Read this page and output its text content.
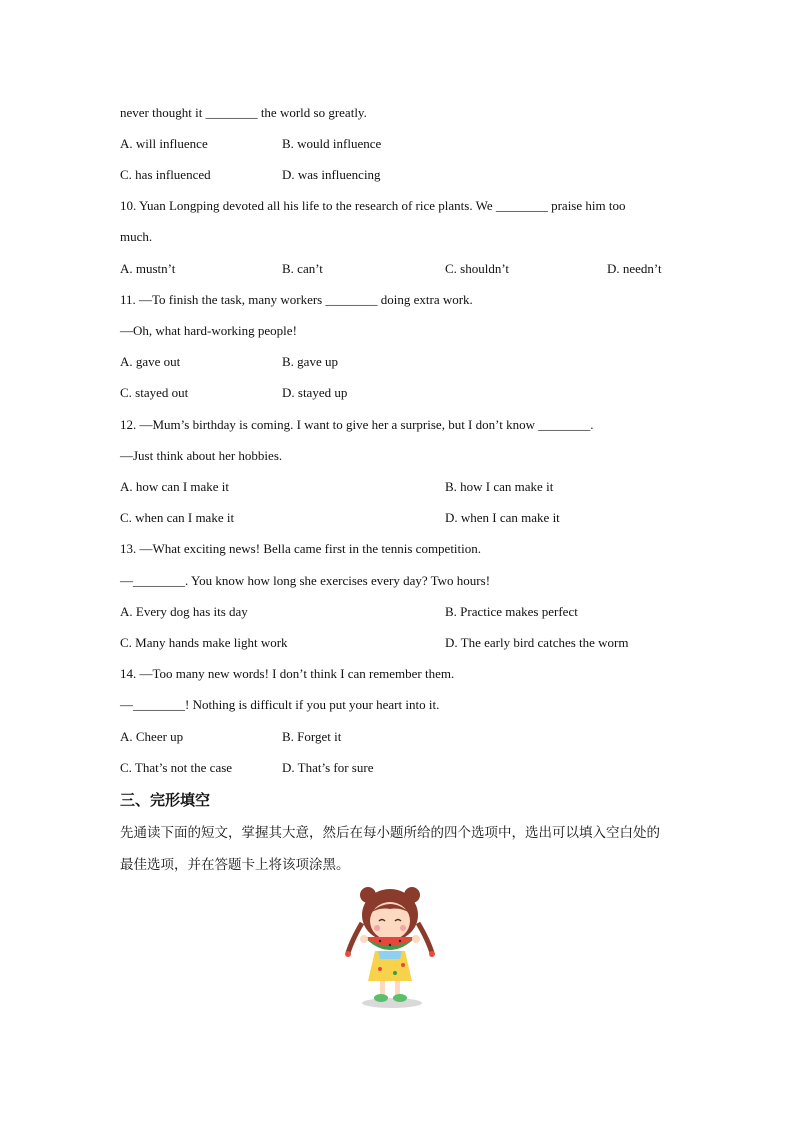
never thought it ________ the world so greatly.
A. will influence	B. would influence
C. has influenced	D. was influencing
10. Yuan Longping devoted all his life to the research of rice plants. We ________ praise him too
much.
A. mustn’t	B. can’t	C. shouldn’t	D. needn’t
11. —To finish the task, many workers ________ doing extra work.
—Oh, what hard-working people!
A. gave out	B. gave up
C. stayed out	D. stayed up
12. —Mum’s birthday is coming. I want to give her a surprise, but I don’t know ________.
—Just think about her hobbies.
A. how can I make it	B. how I can make it
C. when can I make it	D. when I can make it
13. —What exciting news! Bella came first in the tennis competition.
—________. You know how long she exercises every day? Two hours!
A. Every dog has its day	B. Practice makes perfect
C. Many hands make light work	D. The early bird catches the worm
14. —Too many new words! I don’t think I can remember them.
—________! Nothing is difficult if you put your heart into it.
A. Cheer up	B. Forget it
C. That’s not the case	D. That’s for sure
三、完形填空
先通读下面的短文，掌握其大意，然后在每小题所给的四个选项中，选出可以填入空白处的
最佳选项，并在答题卡上将该项涂黑。
